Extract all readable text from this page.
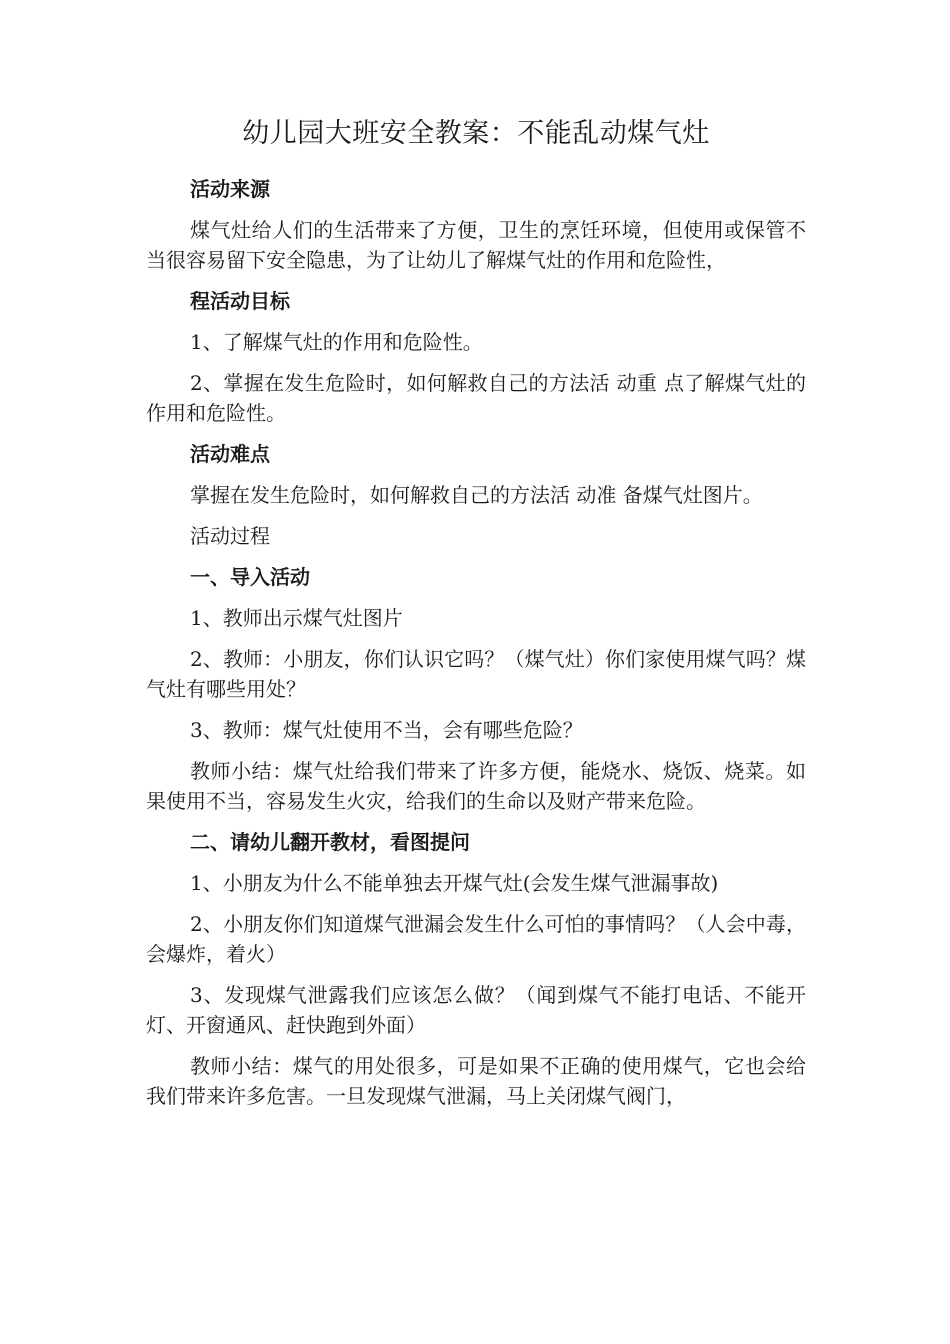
幼儿园大班安全教案：不能乱动煤气灶

活动来源

煤气灶给人们的生活带来了方便，卫生的烹饪环境，但使用或保管不当很容易留下安全隐患，为了让幼儿了解煤气灶的作用和危险性，

程活动目标

1、了解煤气灶的作用和危险性。

2、掌握在发生危险时，如何解救自己的方法活 动重 点了解煤气灶的作用和危险性。

活动难点

掌握在发生危险时，如何解救自己的方法活 动准 备煤气灶图片。

活动过程

一、导入活动

1、教师出示煤气灶图片

2、教师：小朋友，你们认识它吗？（煤气灶）你们家使用煤气吗？煤气灶有哪些用处？

3、教师：煤气灶使用不当，会有哪些危险？

教师小结：煤气灶给我们带来了许多方便，能烧水、烧饭、烧菜。如果使用不当，容易发生火灾，给我们的生命以及财产带来危险。

二、请幼儿翻开教材，看图提问

1、小朋友为什么不能单独去开煤气灶(会发生煤气泄漏事故)

2、小朋友你们知道煤气泄漏会发生什么可怕的事情吗？（人会中毒，会爆炸，着火）

3、发现煤气泄露我们应该怎么做？（闻到煤气不能打电话、不能开灯、开窗通风、赶快跑到外面）

教师小结：煤气的用处很多，可是如果不正确的使用煤气，它也会给我们带来许多危害。一旦发现煤气泄漏，马上关闭煤气阀门，
